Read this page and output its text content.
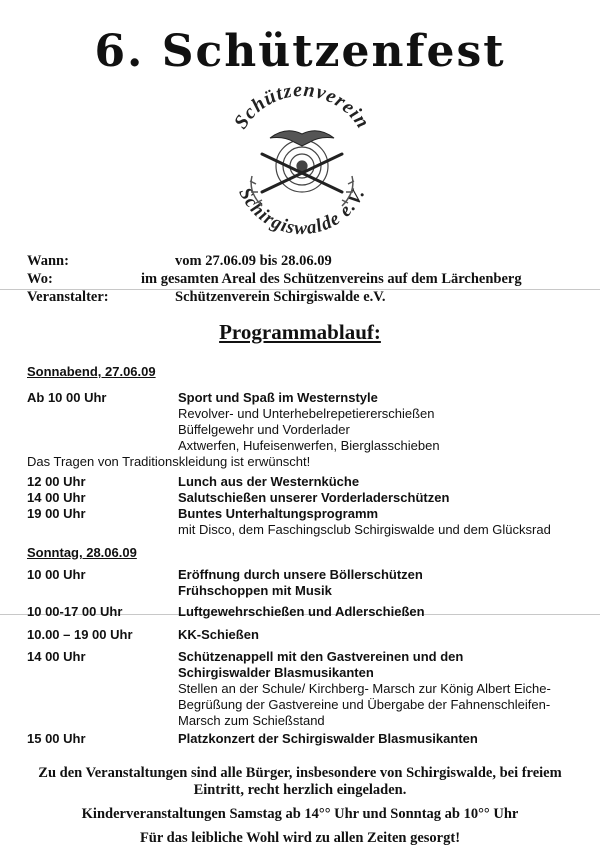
6. Schützenfest
Schützenverein
Schirgiswalde e.V.
Wann:	vom 27.06.09 bis 28.06.09
Wo:	im gesamten Areal des Schützenvereins auf dem Lärchenberg
Veranstalter:	Schützenverein Schirgiswalde e.V.
Programmablauf:
Sonnabend, 27.06.09
Ab 10 00 Uhr	Sport und Spaß im Westernstyle
Revolver- und Unterhebelrepetiererschießen
Büffelgewehr und Vorderlader
Axtwerfen, Hufeisenwerfen, Bierglasschieben
Das Tragen von Traditionskleidung ist erwünscht!
12 00 Uhr	Lunch aus der Westernküche
14 00 Uhr	Salutschießen unserer Vorderladerschützen
19 00 Uhr	Buntes Unterhaltungsprogramm
mit Disco, dem Faschingsclub Schirgiswalde und dem Glücksrad
Sonntag, 28.06.09
10 00 Uhr	Eröffnung durch unsere Böllerschützen
Frühschoppen mit Musik
10 00-17 00 Uhr	Luftgewehrschießen und Adlerschießen
10.00 – 19 00 Uhr	KK-Schießen
14 00 Uhr	Schützenappell mit den Gastvereinen und den
Schirgiswalder Blasmusikanten
Stellen an der Schule/ Kirchberg- Marsch zur König Albert Eiche-
Begrüßung der Gastvereine und Übergabe der Fahnenschleifen-
Marsch zum Schießstand
15 00 Uhr	Platzkonzert der Schirgiswalder Blasmusikanten
Zu den Veranstaltungen sind alle Bürger, insbesondere von Schirgiswalde, bei freiem
Eintritt, recht herzlich eingeladen.
Kinderveranstaltungen Samstag ab 14°° Uhr und Sonntag ab 10°° Uhr
Für das leibliche Wohl wird zu allen Zeiten gesorgt!
